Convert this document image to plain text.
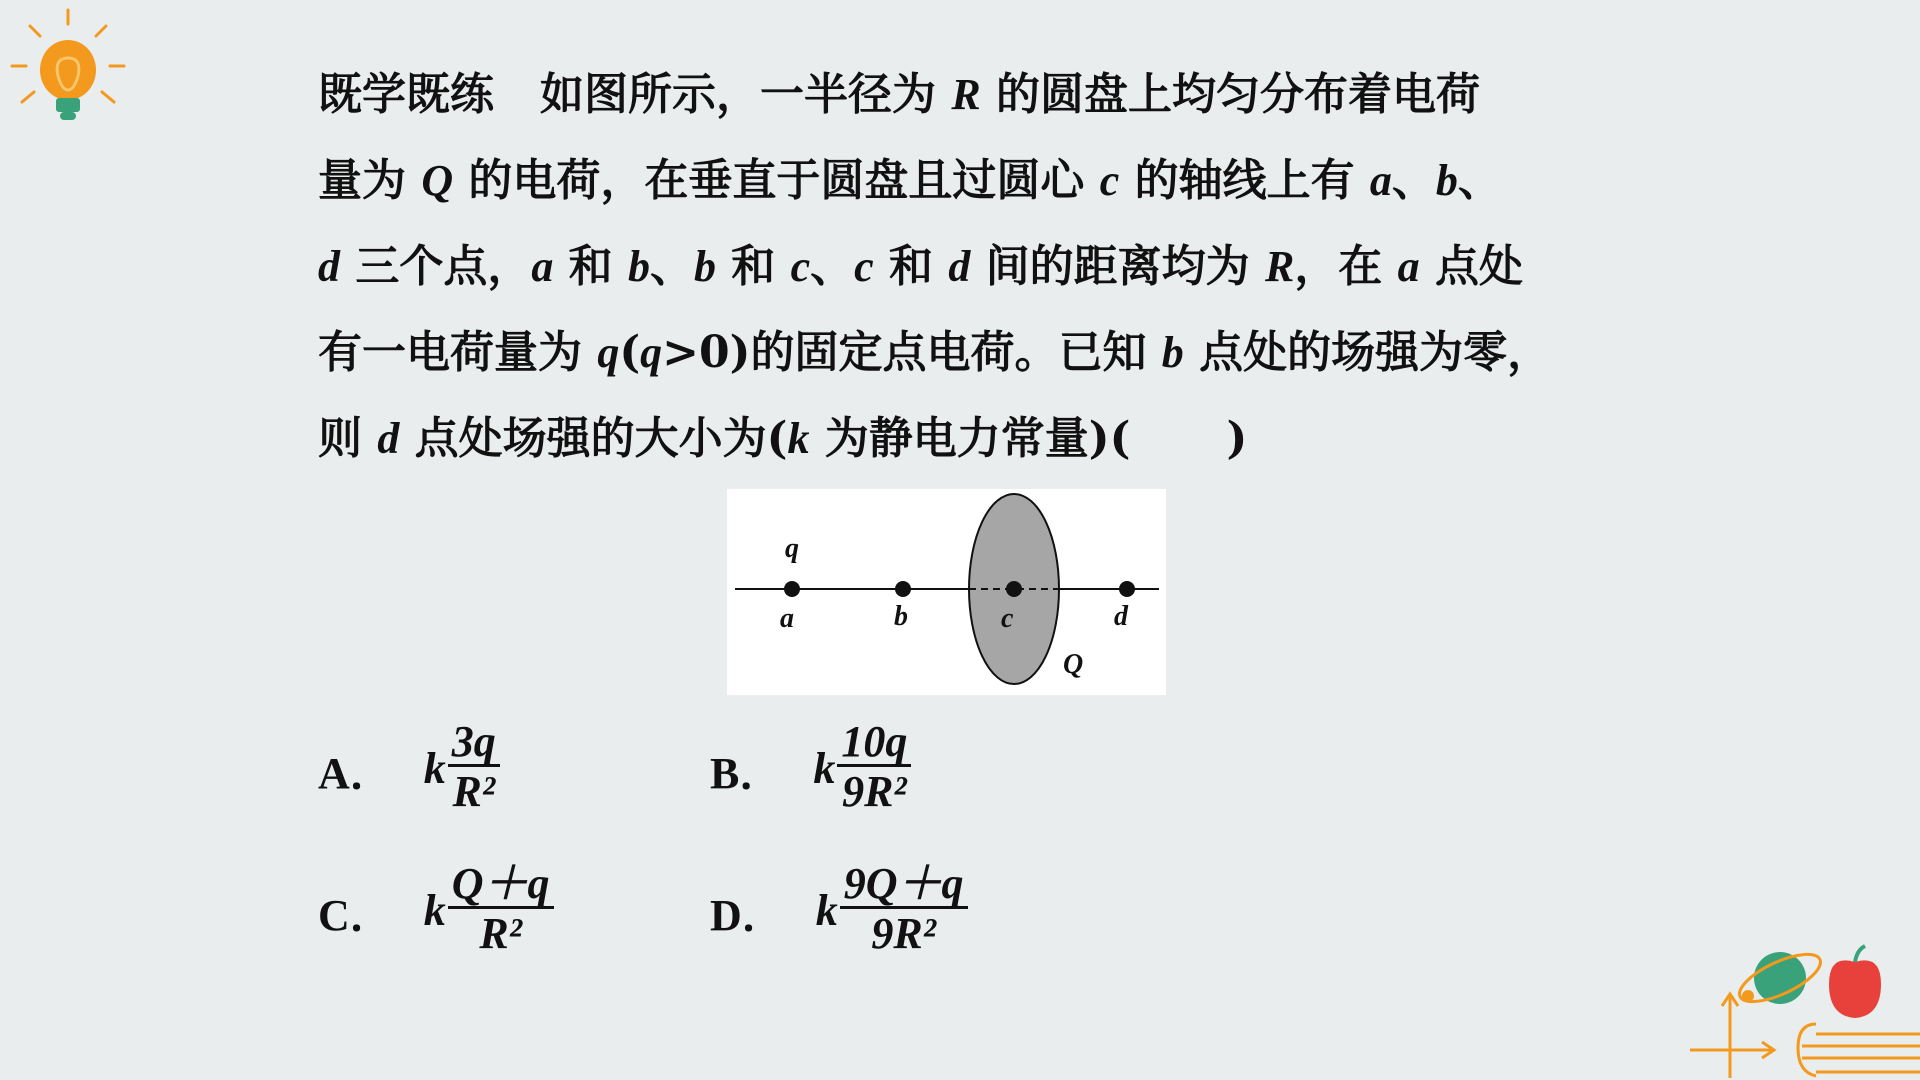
既学既练 如图所示，一半径为 R 的圆盘上均匀分布着电荷

量为 Q 的电荷，在垂直于圆盘且过圆心 c 的轴线上有 a、b、

d 三个点，a 和 b、b 和 c、c 和 d 间的距离均为 R，在 a 点处

有一电荷量为 q(q>0)的固定点电荷。已知 b 点处的场强为零，

则 d 点处场强的大小为(k 为静电力常量)( )

q
a	b	c	d
Q
A． k $\frac{3q}{\text{R²}}$	B． k $\frac{10q}{\text{9R²}}$
C． k $\frac{Q+q}{\text{R²}}$	D． k $\frac{9Q+q}{\text{9R²}}$
